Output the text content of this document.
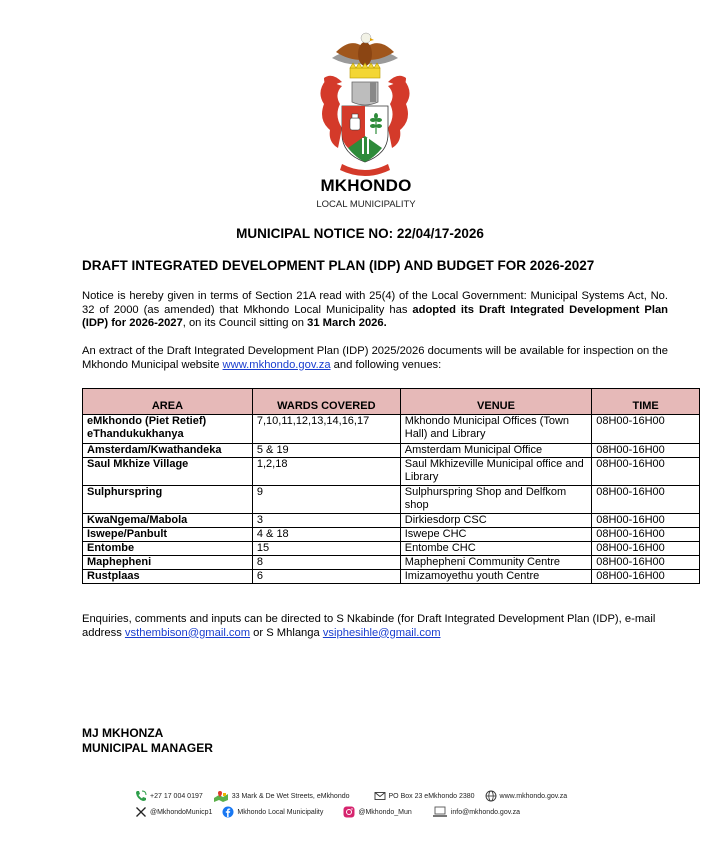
MKHONDO
LOCAL MUNICIPALITY
MUNICIPAL NOTICE NO: 22/04/17-2026
DRAFT INTEGRATED DEVELOPMENT PLAN (IDP) AND BUDGET FOR 2026-2027
Notice is hereby given in terms of Section 21A read with 25(4) of the Local Government: Municipal Systems Act, No. 32 of 2000 (as amended) that Mkhondo Local Municipality has adopted its Draft Integrated Development Plan (IDP) for 2026-2027, on its Council sitting on 31 March 2026.
An extract of the Draft Integrated Development Plan (IDP) 2025/2026 documents will be available for inspection on the Mkhondo Municipal website www.mkhondo.gov.za and following venues:
AREA	WARDS COVERED	VENUE	TIME
eMkhondo (Piet Retief) eThandukukhanya	7,10,11,12,13,14,16,17	Mkhondo Municipal Offices (Town Hall) and Library	08H00-16H00
Amsterdam/Kwathandeka	5 & 19	Amsterdam Municipal Office	08H00-16H00
Saul Mkhize Village	1,2,18	Saul Mkhizeville Municipal office and Library	08H00-16H00
Sulphurspring	9	Sulphurspring Shop and Delfkom shop	08H00-16H00
KwaNgema/Mabola	3	Dirkiesdorp CSC	08H00-16H00
Iswepe/Panbult	4 & 18	Iswepe CHC	08H00-16H00
Entombe	15	Entombe CHC	08H00-16H00
Maphepheni	8	Maphepheni Community Centre	08H00-16H00
Rustplaas	6	Imizamoyethu youth Centre	08H00-16H00
Enquiries, comments and inputs can be directed to S Nkabinde (for Draft Integrated Development Plan (IDP), e-mail address vsthembison@gmail.com or S Mhlanga vsiphesihle@gmail.com
MJ MKHONZA
MUNICIPAL MANAGER
+27 17 004 0197	33 Mark & De Wet Streets, eMkhondo	PO Box 23 eMkhondo 2380	www.mkhondo.gov.za
@MkhondoMunicp1	Mkhondo Local Municipality	@Mkhondo_Mun	info@mkhondo.gov.za
